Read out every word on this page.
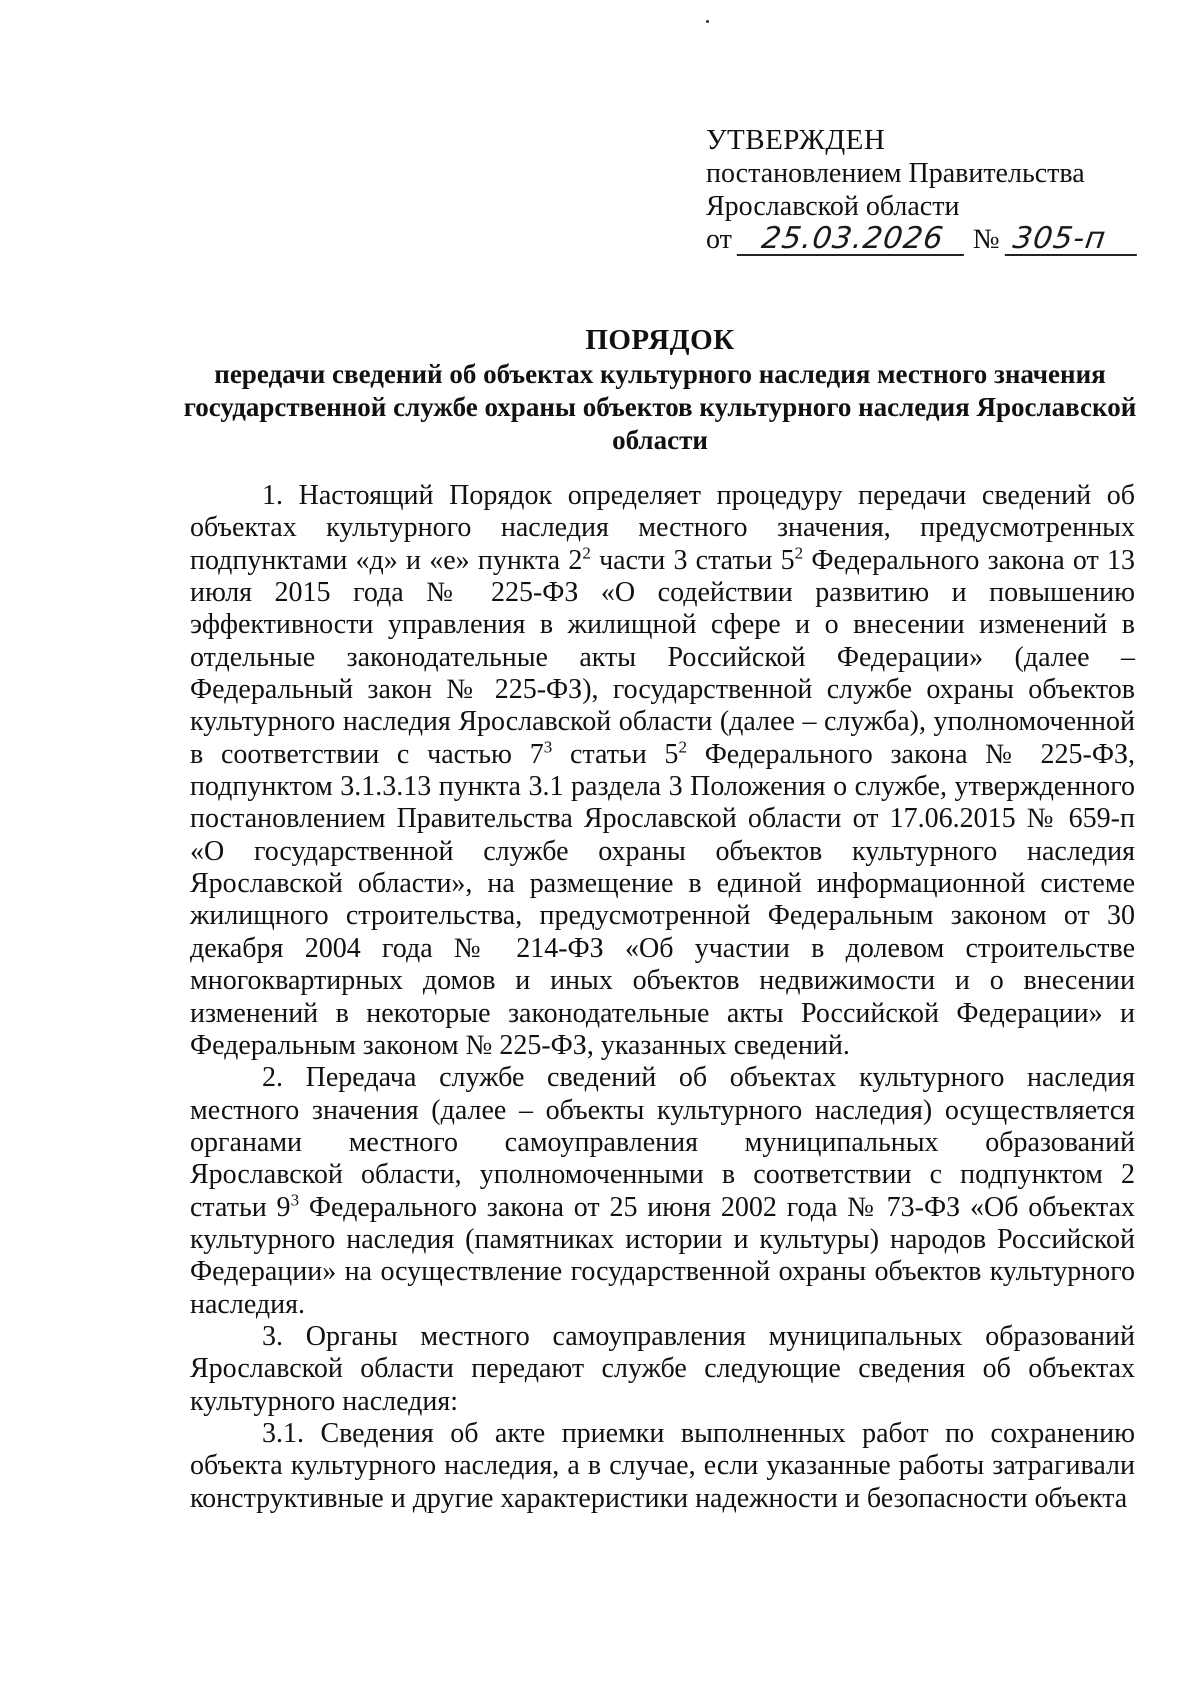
УТВЕРЖДЕН
постановлением Правительства
Ярославской области
от 25.03.2026 № 305-п
ПОРЯДОК
передачи сведений об объектах культурного наследия местного значения государственной службе охраны объектов культурного наследия Ярославской области

1. Настоящий Порядок определяет процедуру передачи сведений об объектах культурного наследия местного значения, предусмотренных подпунктами «д» и «е» пункта $2^2$ части 3 статьи $5^2$ Федерального закона от 13 июля 2015 года № 225-ФЗ «О содействии развитию и повышению эффективности управления в жилищной сфере и о внесении изменений в отдельные законодательные акты Российской Федерации» (далее – Федеральный закон № 225-ФЗ), государственной службе охраны объектов культурного наследия Ярославской области (далее – служба), уполномоченной в соответствии с частью $7^3$ статьи $5^2$ Федерального закона № 225-ФЗ, подпунктом 3.1.3.13 пункта 3.1 раздела 3 Положения о службе, утвержденного постановлением Правительства Ярославской области от 17.06.2015 № 659-п «О государственной службе охраны объектов культурного наследия Ярославской области», на размещение в единой информационной системе жилищного строительства, предусмотренной Федеральным законом от 30 декабря 2004 года № 214-ФЗ «Об участии в долевом строительстве многоквартирных домов и иных объектов недвижимости и о внесении изменений в некоторые законодательные акты Российской Федерации» и Федеральным законом № 225-ФЗ, указанных сведений.

2. Передача службе сведений об объектах культурного наследия местного значения (далее – объекты культурного наследия) осуществляется органами местного самоуправления муниципальных образований Ярославской области, уполномоченными в соответствии с подпунктом 2 статьи $9^3$ Федерального закона от 25 июня 2002 года № 73-ФЗ «Об объектах культурного наследия (памятниках истории и культуры) народов Российской Федерации» на осуществление государственной охраны объектов культурного наследия.

3. Органы местного самоуправления муниципальных образований Ярославской области передают службе следующие сведения об объектах культурного наследия:

3.1. Сведения об акте приемки выполненных работ по сохранению объекта культурного наследия, а в случае, если указанные работы затрагивали конструктивные и другие характеристики надежности и безопасности объекта
